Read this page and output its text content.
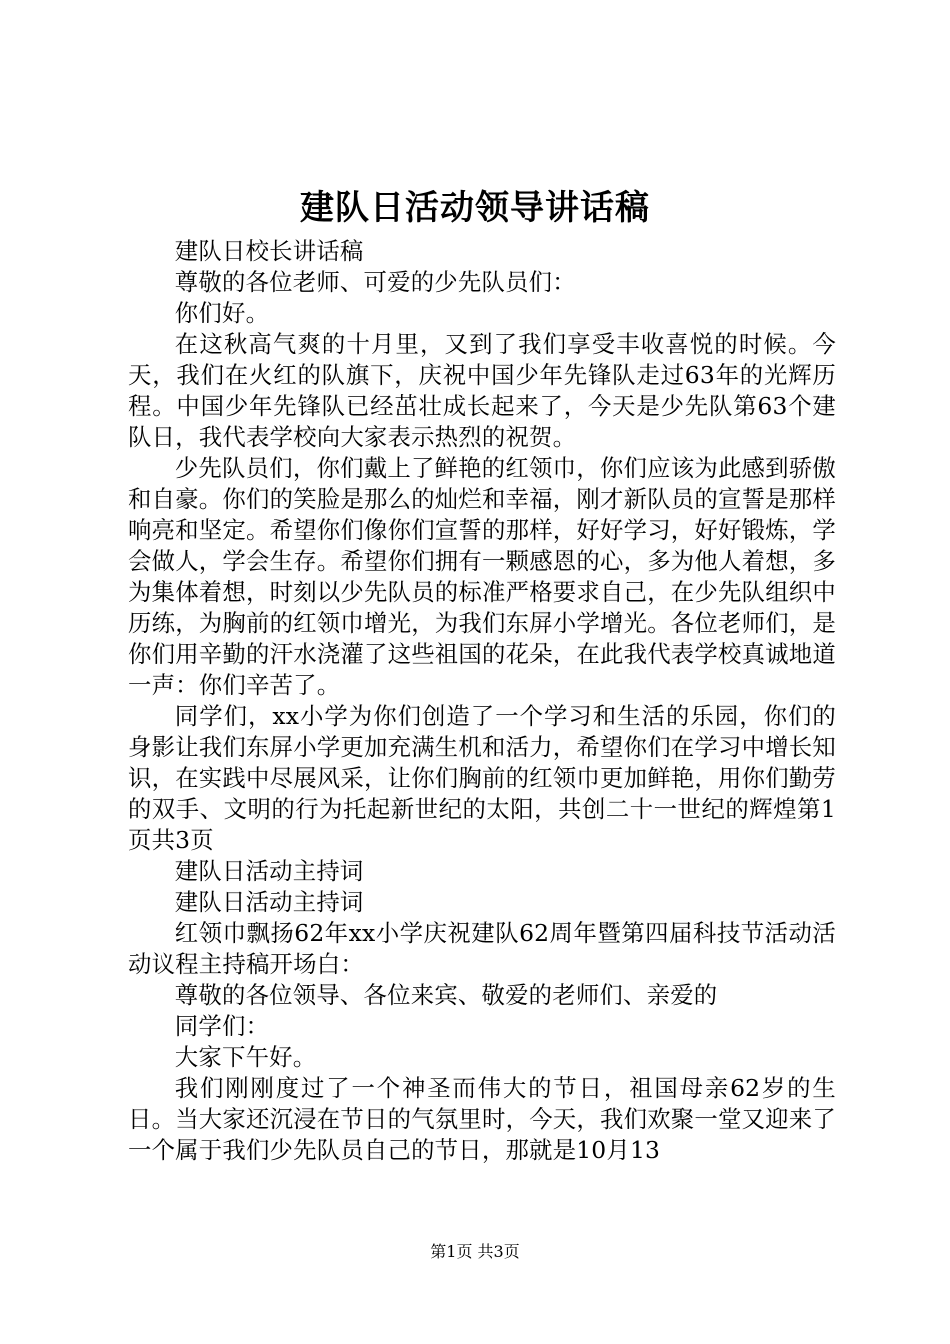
建队日活动领导讲话稿

建队日校长讲话稿

尊敬的各位老师、可爱的少先队员们：

你们好。

在这秋高气爽的十月里，又到了我们享受丰收喜悦的时候。今天，我们在火红的队旗下，庆祝中国少年先锋队走过63年的光辉历程。中国少年先锋队已经茁壮成长起来了，今天是少先队第63个建队日，我代表学校向大家表示热烈的祝贺。

少先队员们，你们戴上了鲜艳的红领巾，你们应该为此感到骄傲和自豪。你们的笑脸是那么的灿烂和幸福，刚才新队员的宣誓是那样响亮和坚定。希望你们像你们宣誓的那样，好好学习，好好锻炼，学会做人，学会生存。希望你们拥有一颗感恩的心，多为他人着想，多为集体着想，时刻以少先队员的标准严格要求自己，在少先队组织中历练，为胸前的红领巾增光，为我们东屏小学增光。各位老师们，是你们用辛勤的汗水浇灌了这些祖国的花朵，在此我代表学校真诚地道一声：你们辛苦了。

同学们，xx小学为你们创造了一个学习和生活的乐园，你们的身影让我们东屏小学更加充满生机和活力，希望你们在学习中增长知识，在实践中尽展风采，让你们胸前的红领巾更加鲜艳，用你们勤劳的双手、文明的行为托起新世纪的太阳，共创二十一世纪的辉煌第1页共3页

建队日活动主持词

建队日活动主持词

红领巾飘扬62年xx小学庆祝建队62周年暨第四届科技节活动活动议程主持稿开场白：

尊敬的各位领导、各位来宾、敬爱的老师们、亲爱的

同学们：

大家下午好。

我们刚刚度过了一个神圣而伟大的节日，祖国母亲62岁的生日。当大家还沉浸在节日的气氛里时，今天，我们欢聚一堂又迎来了一个属于我们少先队员自己的节日，那就是10月13

第1页 共3页
